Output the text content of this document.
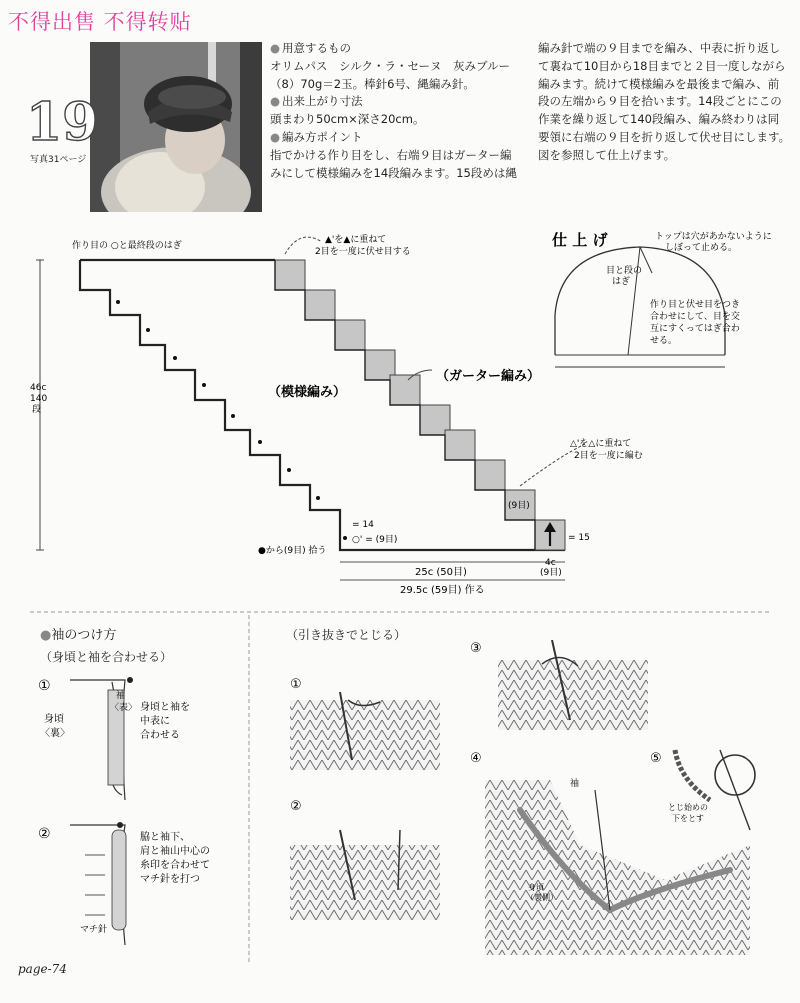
不得出售 不得转贴
19
写真31ページ
● 用意するもの
オリムパス　シルク・ラ・セーヌ　灰みブルー
（8）70g＝2玉。棒針6号、縄編み針。
● 出来上がり寸法
頭まわり50cm×深さ20cm。
● 編み方ポイント
指でかける作り目をし、右端９目はガーター編
みにして模様編みを14段編みます。15段めは縄
編み針で端の９目までを編み、中表に折り返し
て裏ねて10目から18目までと２目一度しながら
編みます。続けて模様編みを最後まで編み、前
段の左端から９目を拾います。14段ごとにこの
作業を繰り返して140段編み、編み終わりは同
要領に右端の９目を折り返して伏せ目にします。
図を参照して仕上げます。
作り目の ○と最終段のはぎ
▲'を▲に重ねて
2目を一度に伏せ目する
（模様編み）
（ガーター編み）
46c
140
段
△'を△に重ねて
2目を一度に編む
(9目)
= 14
○' = (9目)
●から(9目) 拾う
= 15
25c (50目)
4c
(9目)
29.5c (59目) 作る
仕 上 げ	トップは穴があかないように
しぼって止める。
目と段の
はぎ
作り目と伏せ目をつき
合わせにして、目を交
互にすくってはぎ合わ
せる。
●袖のつけ方
（身頃と袖を合わせる）
①
身頃
〈裏〉
袖
〈表〉 身頃と袖を
中表に
合わせる
②	脇と袖下、
肩と袖山中心の
糸印を合わせて
マチ針を打つ
マチ針
（引き抜きでとじる）
①
②
③
④
袖
身頃
（裏側）
⑤
とじ始めの
下をとす
page-74
